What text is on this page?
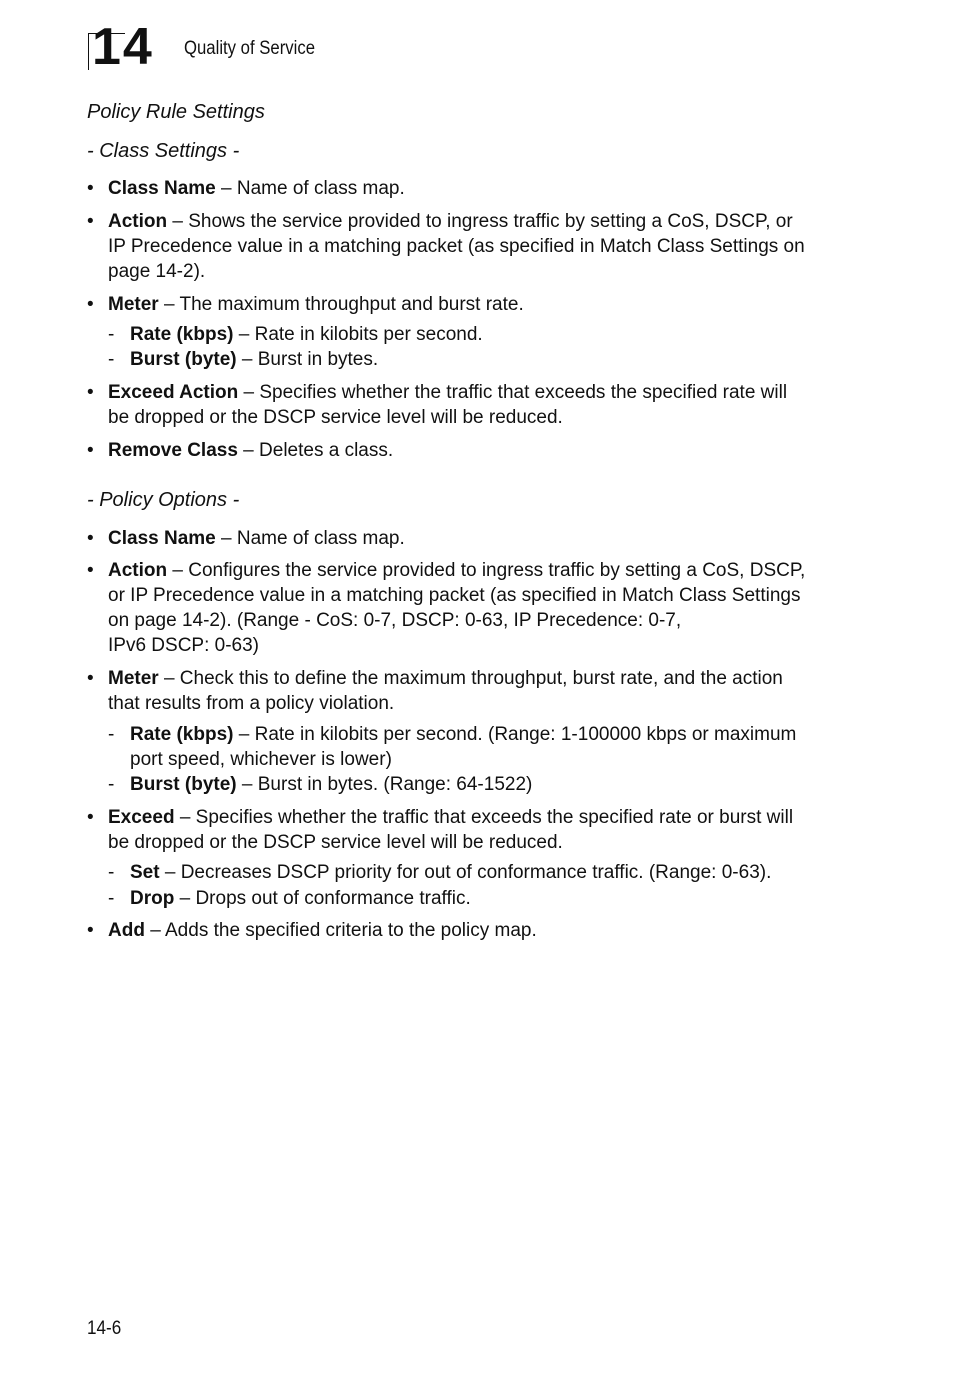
14 Quality of Service
Policy Rule Settings
- Class Settings -
• Class Name – Name of class map.
• Action – Shows the service provided to ingress traffic by setting a CoS, DSCP, or
IP Precedence value in a matching packet (as specified in Match Class Settings on
page 14-2).
• Meter – The maximum throughput and burst rate.
- Rate (kbps) – Rate in kilobits per second.
- Burst (byte) – Burst in bytes.
• Exceed Action – Specifies whether the traffic that exceeds the specified rate will
be dropped or the DSCP service level will be reduced.
• Remove Class – Deletes a class.
- Policy Options -
• Class Name – Name of class map.
• Action – Configures the service provided to ingress traffic by setting a CoS, DSCP,
or IP Precedence value in a matching packet (as specified in Match Class Settings
on page 14-2). (Range - CoS: 0-7, DSCP: 0-63, IP Precedence: 0-7,
IPv6 DSCP: 0-63)
• Meter – Check this to define the maximum throughput, burst rate, and the action
that results from a policy violation.
- Rate (kbps) – Rate in kilobits per second. (Range: 1-100000 kbps or maximum
port speed, whichever is lower)
- Burst (byte) – Burst in bytes. (Range: 64-1522)
• Exceed – Specifies whether the traffic that exceeds the specified rate or burst will
be dropped or the DSCP service level will be reduced.
- Set – Decreases DSCP priority for out of conformance traffic. (Range: 0-63).
- Drop – Drops out of conformance traffic.
• Add – Adds the specified criteria to the policy map.
14-6
